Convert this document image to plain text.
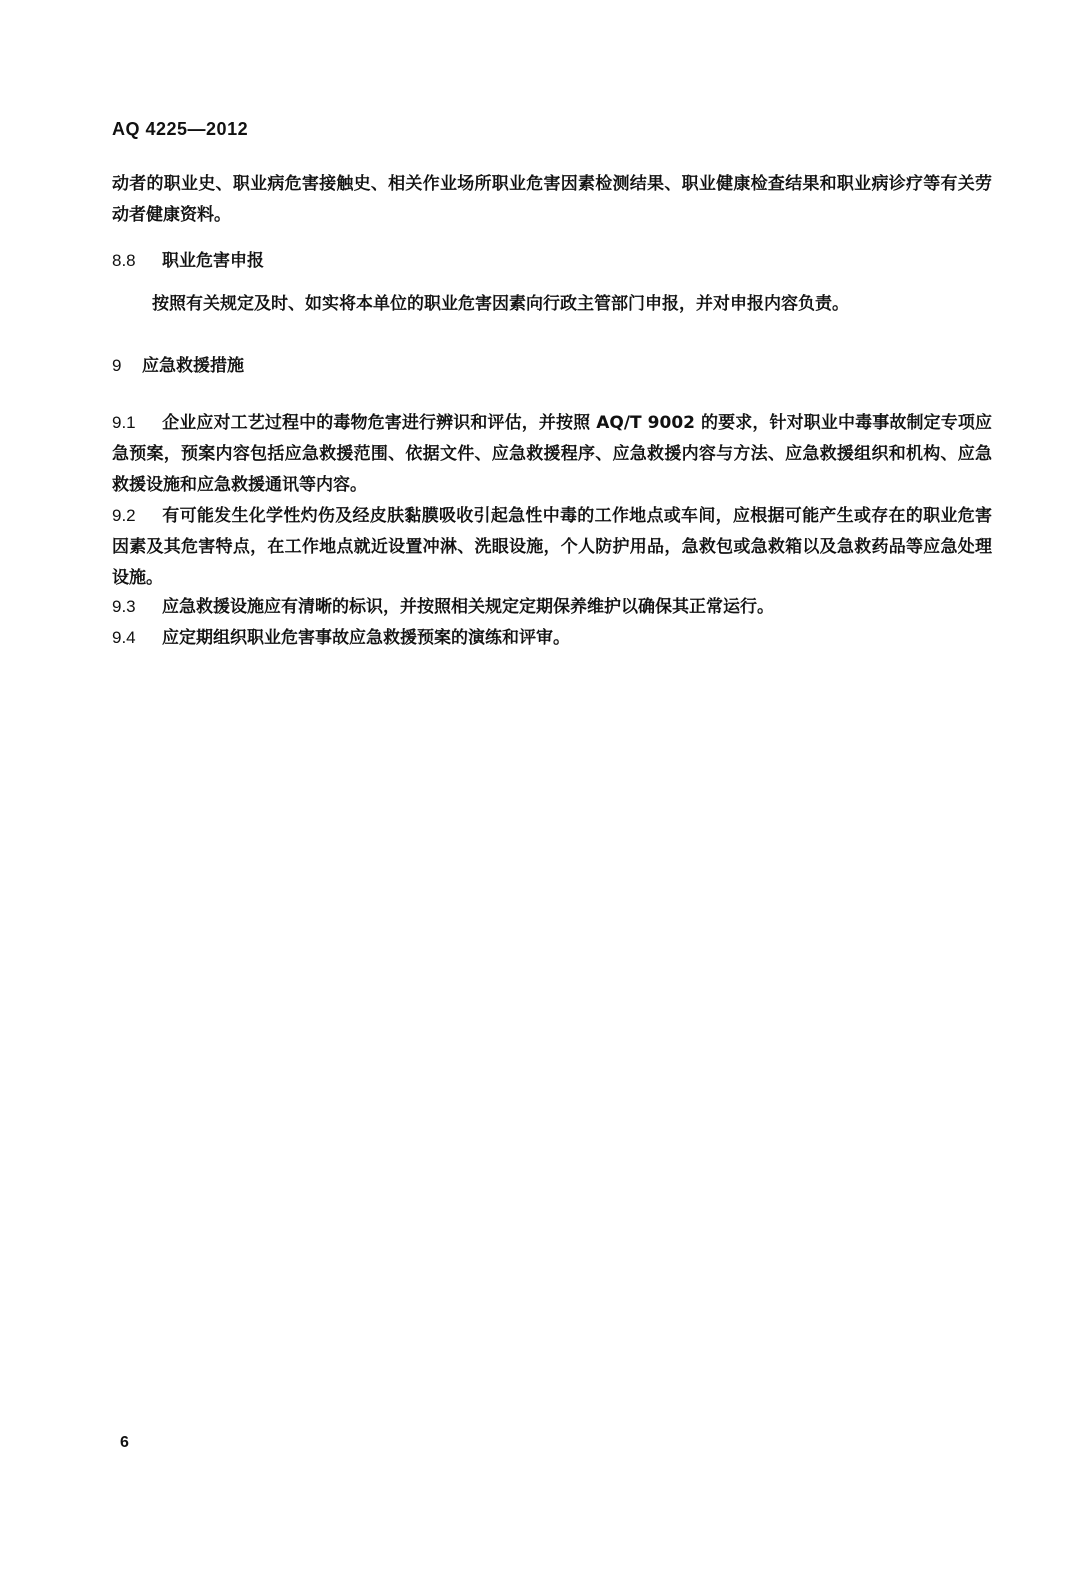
AQ 4225—2012
动者的职业史、职业病危害接触史、相关作业场所职业危害因素检测结果、职业健康检查结果和职业病诊疗等有关劳动者健康资料。
8.8 职业危害申报
按照有关规定及时、如实将本单位的职业危害因素向行政主管部门申报，并对申报内容负责。
9 应急救援措施
9.1 企业应对工艺过程中的毒物危害进行辨识和评估，并按照 AQ/T 9002 的要求，针对职业中毒事故制定专项应急预案，预案内容包括应急救援范围、依据文件、应急救援程序、应急救援内容与方法、应急救援组织和机构、应急救援设施和应急救援通讯等内容。
9.2 有可能发生化学性灼伤及经皮肤黏膜吸收引起急性中毒的工作地点或车间，应根据可能产生或存在的职业危害因素及其危害特点，在工作地点就近设置冲淋、洗眼设施，个人防护用品，急救包或急救箱以及急救药品等应急处理设施。
9.3 应急救援设施应有清晰的标识，并按照相关规定定期保养维护以确保其正常运行。
9.4 应定期组织职业危害事故应急救援预案的演练和评审。
6
